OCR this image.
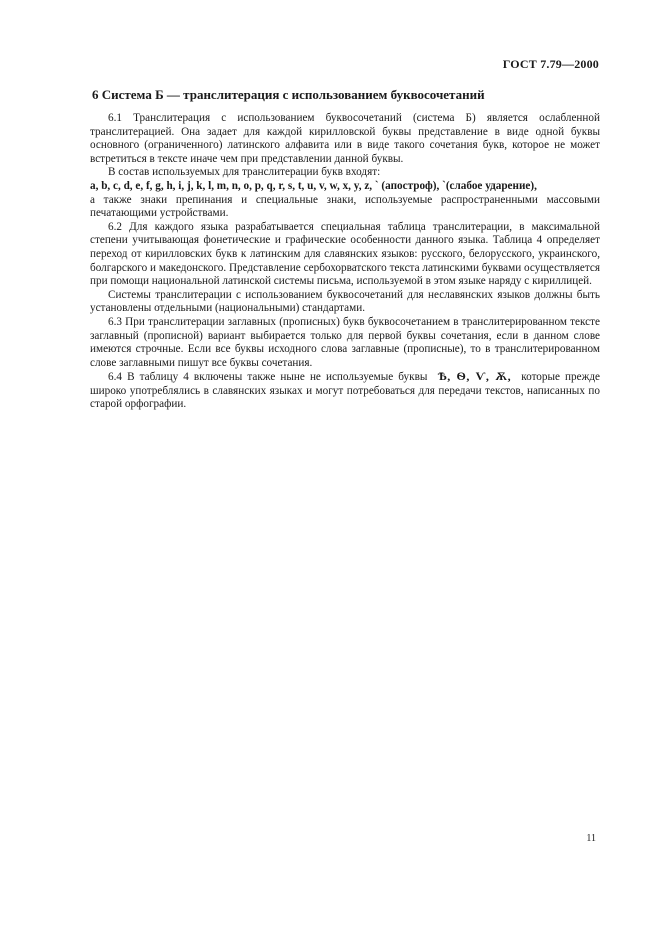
ГОСТ 7.79—2000
6 Система Б — транслитерация с использованием буквосочетаний

6.1 Транслитерация с использованием буквосочетаний (система Б) является ослабленной транслитерацией. Она задает для каждой кирилловской буквы представление в виде одной буквы основного (ограниченного) латинского алфавита или в виде такого сочетания букв, которое не может встретиться в тексте иначе чем при представлении данной буквы.

В состав используемых для транслитерации букв входят:

a, b, c, d, e, f, g, h, i, j, k, l, m, n, o, p, q, r, s, t, u, v, w, x, y, z, ` (апостроф), `(слабое ударение),

а также знаки препинания и специальные знаки, используемые распространенными массовыми печатающими устройствами.

6.2 Для каждого языка разрабатывается специальная таблица транслитерации, в максимальной степени учитывающая фонетические и графические особенности данного языка. Таблица 4 определяет переход от кирилловских букв к латинским для славянских языков: русского, белорусского, украинского, болгарского и македонского. Представление сербохорватского текста латинскими буквами осуществляется при помощи национальной латинской системы письма, используемой в этом языке наряду с кириллицей.

Системы транслитерации с использованием буквосочетаний для неславянских языков должны быть установлены отдельными (национальными) стандартами.

6.3 При транслитерации заглавных (прописных) букв буквосочетанием в транслитерированном тексте заглавный (прописной) вариант выбирается только для первой буквы сочетания, если в данном слове имеются строчные. Если все буквы исходного слова заглавные (прописные), то в транслитерированном слове заглавными пишут все буквы сочетания.

6.4 В таблицу 4 включены также ныне не используемые буквы Ѣ, Ѳ, Ѵ, Ѫ, которые прежде широко употреблялись в славянских языках и могут потребоваться для передачи текстов, написанных по старой орфографии.

11
